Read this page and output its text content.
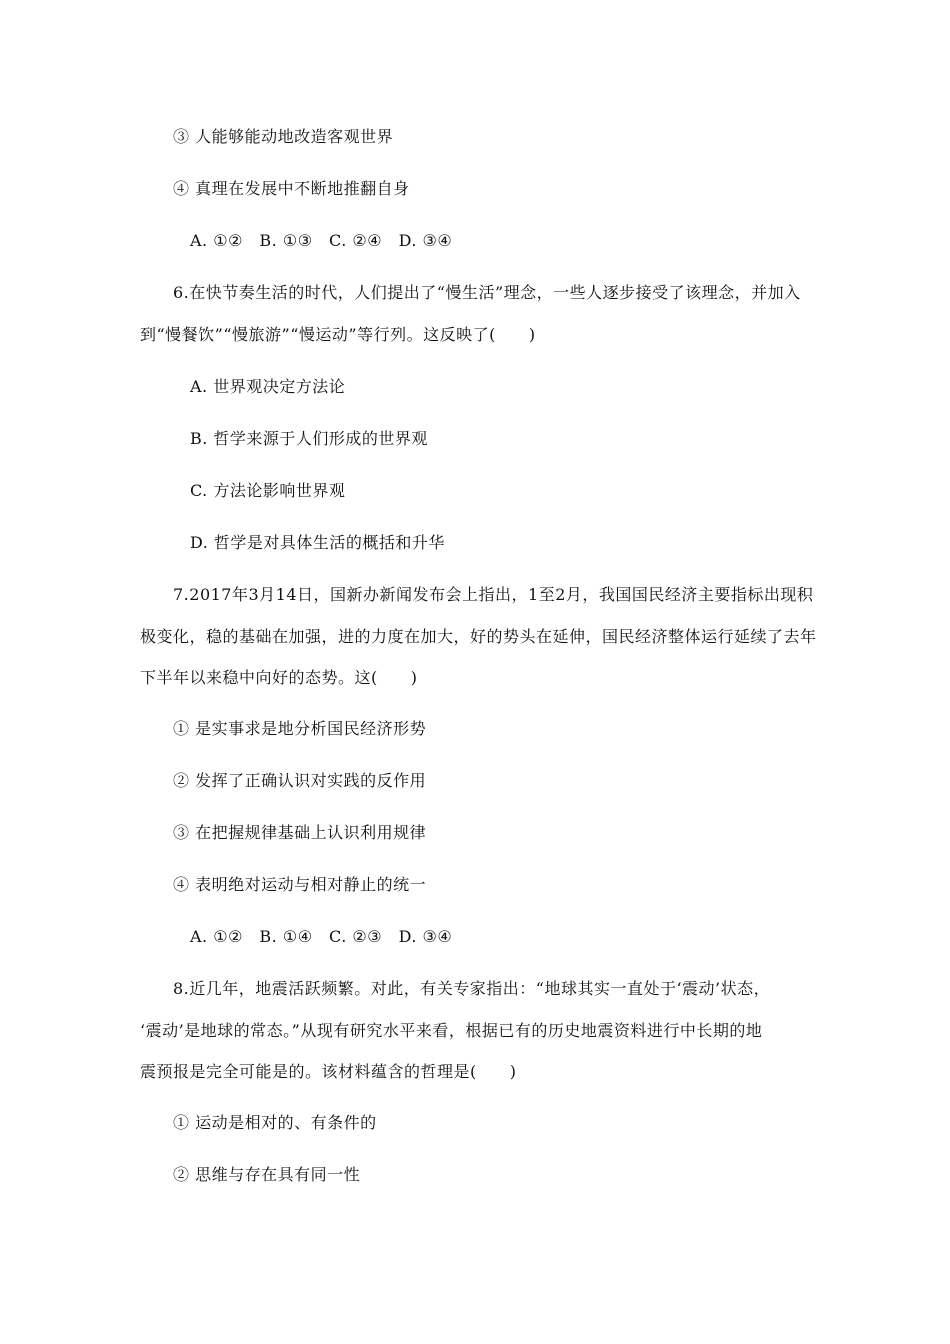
③ 人能够能动地改造客观世界
④ 真理在发展中不断地推翻自身
A. ①②　B. ①③　C. ②④　D. ③④
6.在快节奏生活的时代，人们提出了“慢生活”理念，一些人逐步接受了该理念，并加入
到“慢餐饮”“慢旅游”“慢运动”等行列。这反映了(　　)
A. 世界观决定方法论
B. 哲学来源于人们形成的世界观
C. 方法论影响世界观
D. 哲学是对具体生活的概括和升华
7.2017年3月14日，国新办新闻发布会上指出，1至2月，我国国民经济主要指标出现积
极变化，稳的基础在加强，进的力度在加大，好的势头在延伸，国民经济整体运行延续了去年
下半年以来稳中向好的态势。这(　　)
① 是实事求是地分析国民经济形势
② 发挥了正确认识对实践的反作用
③ 在把握规律基础上认识利用规律
④ 表明绝对运动与相对静止的统一
A. ①②　B. ①④　C. ②③　D. ③④
8.近几年，地震活跃频繁。对此，有关专家指出：“地球其实一直处于‘震动’状态，
‘震动’是地球的常态。”从现有研究水平来看，根据已有的历史地震资料进行中长期的地
震预报是完全可能是的。该材料蕴含的哲理是(　　)
① 运动是相对的、有条件的
② 思维与存在具有同一性
